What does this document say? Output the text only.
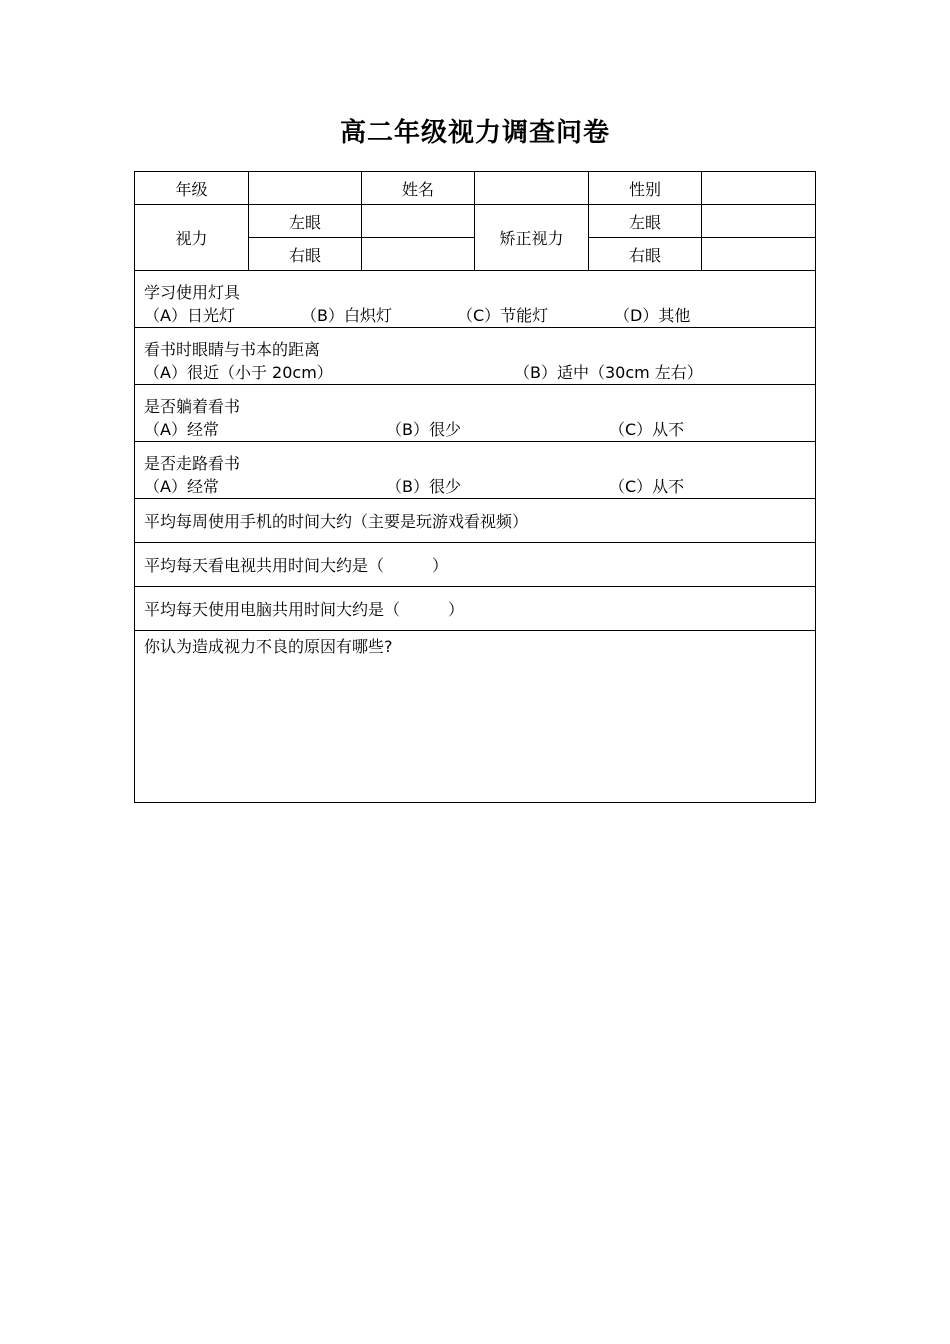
高二年级视力调查问卷
年级		姓名		性别	
视力	左眼		矫正视力	左眼	
	右眼			右眼	

学习使用灯具
（A）日光灯 （B）白炽灯 （C）节能灯 （D）其他					

看书时眼睛与书本的距离
（A）很近（小于 20cm） （B）适中（30cm 左右）					

是否躺着看书
（A）经常 （B）很少 （C）从不					

是否走路看书
（A）经常 （B）很少 （C）从不					

平均每周使用手机的时间大约（主要是玩游戏看视频）					
平均每天看电视共用时间大约是（　　　）					
平均每天使用电脑共用时间大约是（　　　）					

你认为造成视力不良的原因有哪些?					
